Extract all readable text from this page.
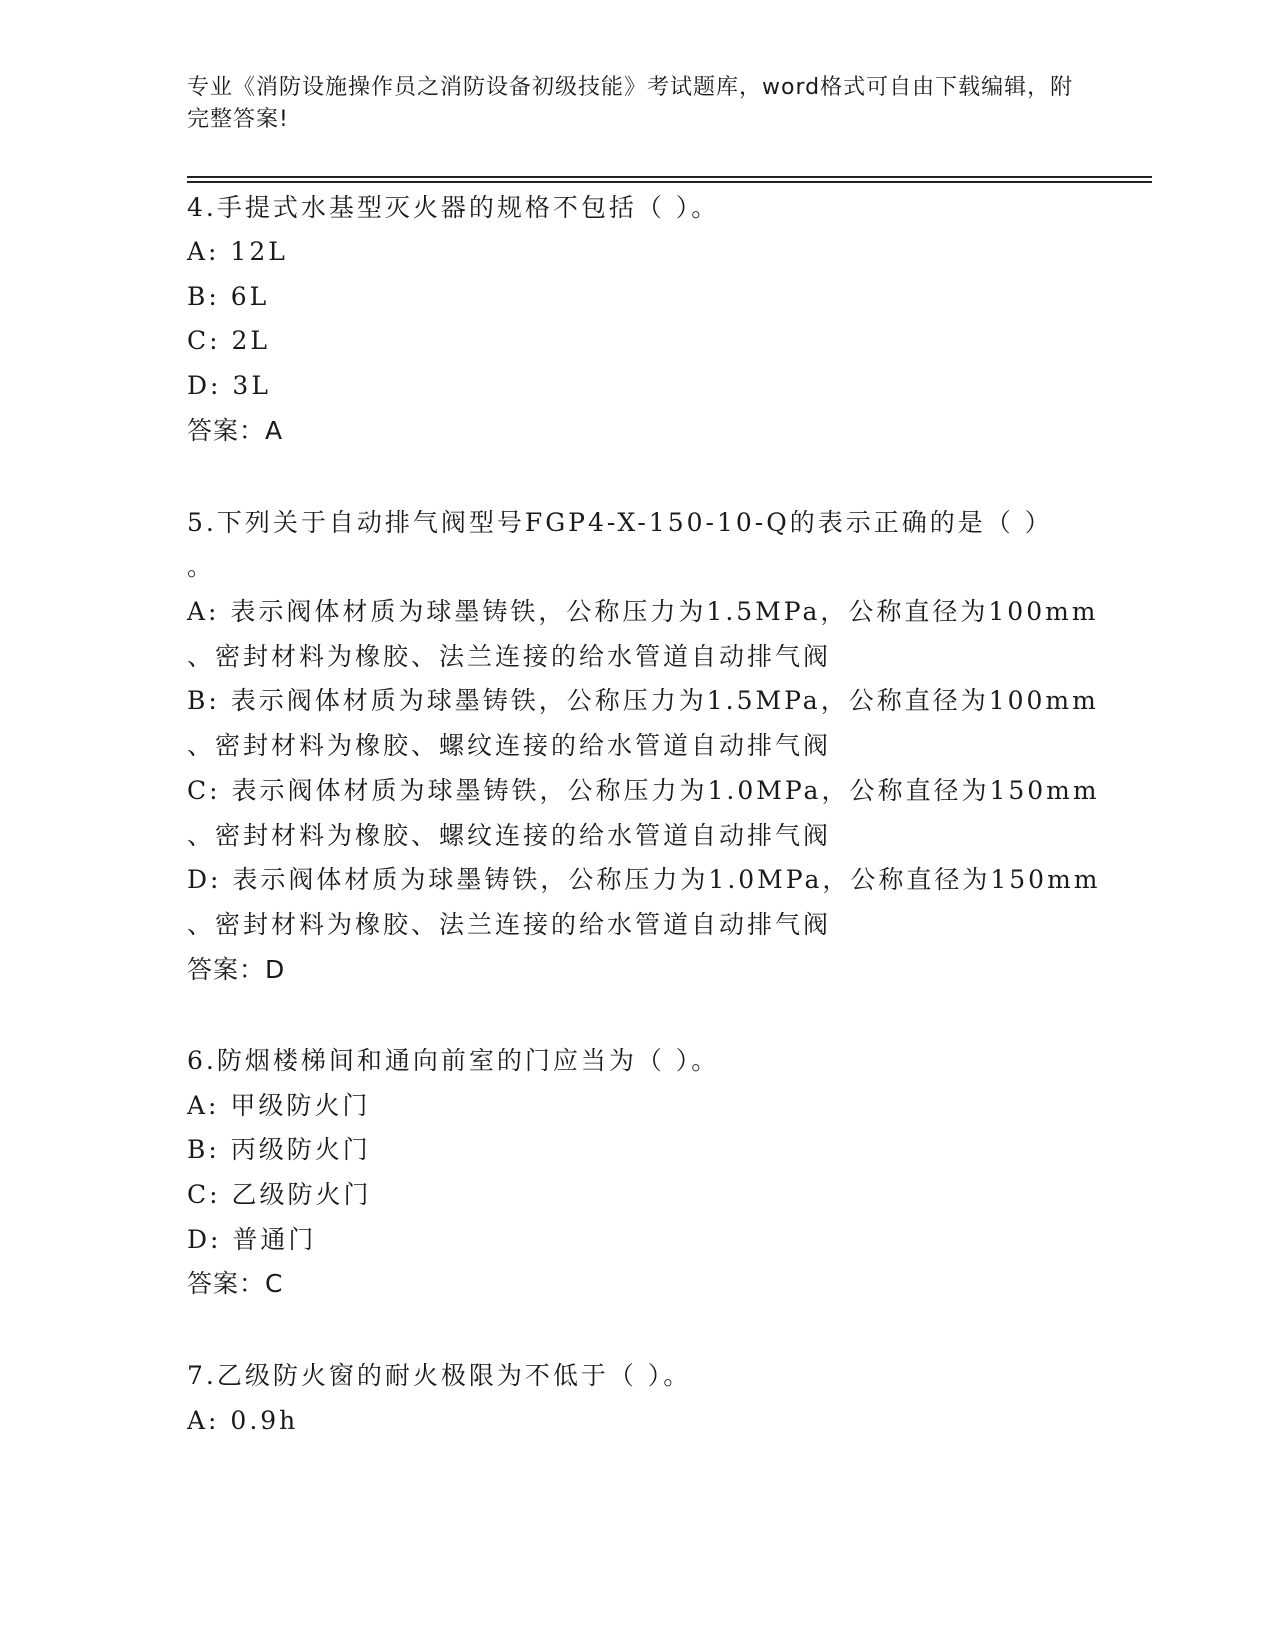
专业《消防设施操作员之消防设备初级技能》考试题库，word格式可自由下载编辑，附完整答案!

4.手提式水基型灭火器的规格不包括（ ）。
A: 12L
B: 6L
C: 2L
D: 3L
答案：A
5.下列关于自动排气阀型号FGP4-X-150-10-Q的表示正确的是（ ）
。
A: 表示阀体材质为球墨铸铁，公称压力为1.5MPa，公称直径为100mm
、密封材料为橡胶、法兰连接的给水管道自动排气阀
B: 表示阀体材质为球墨铸铁，公称压力为1.5MPa，公称直径为100mm
、密封材料为橡胶、螺纹连接的给水管道自动排气阀
C: 表示阀体材质为球墨铸铁，公称压力为1.0MPa，公称直径为150mm
、密封材料为橡胶、螺纹连接的给水管道自动排气阀
D: 表示阀体材质为球墨铸铁，公称压力为1.0MPa，公称直径为150mm
、密封材料为橡胶、法兰连接的给水管道自动排气阀
答案：D
6.防烟楼梯间和通向前室的门应当为（ ）。
A: 甲级防火门
B: 丙级防火门
C: 乙级防火门
D: 普通门
答案：C
7.乙级防火窗的耐火极限为不低于（ ）。
A: 0.9h
